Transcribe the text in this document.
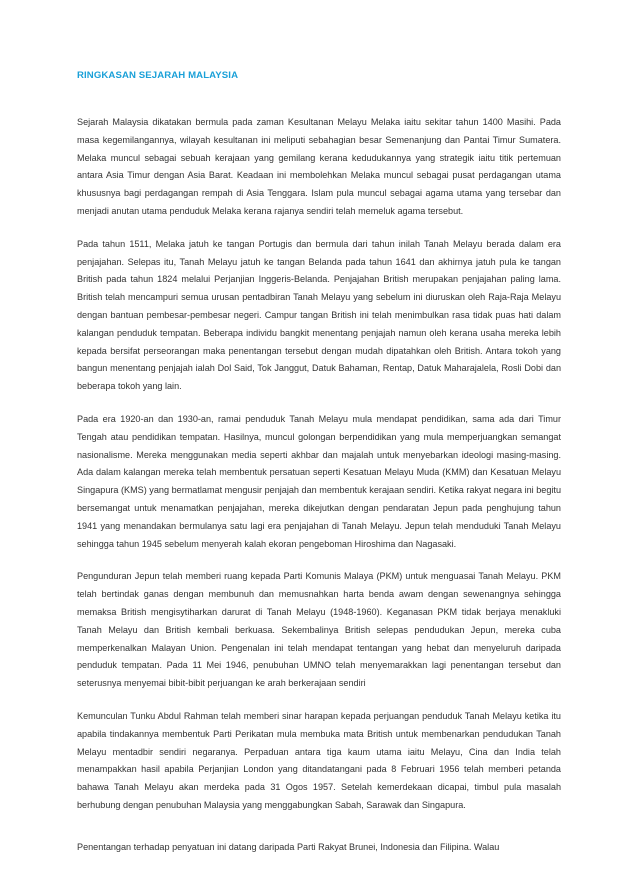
RINGKASAN SEJARAH MALAYSIA

Sejarah Malaysia dikatakan bermula pada zaman Kesultanan Melayu Melaka iaitu sekitar tahun 1400 Masihi. Pada masa kegemilangannya, wilayah kesultanan ini meliputi sebahagian besar Semenanjung dan Pantai Timur Sumatera. Melaka muncul sebagai sebuah kerajaan yang gemilang kerana kedudukannya yang strategik iaitu titik pertemuan antara Asia Timur dengan Asia Barat. Keadaan ini membolehkan Melaka muncul sebagai pusat perdagangan utama khususnya bagi perdagangan rempah di Asia Tenggara. Islam pula muncul sebagai agama utama yang tersebar dan menjadi anutan utama penduduk Melaka kerana rajanya sendiri telah memeluk agama tersebut.

Pada tahun 1511, Melaka jatuh ke tangan Portugis dan bermula dari tahun inilah Tanah Melayu berada dalam era penjajahan. Selepas itu, Tanah Melayu jatuh ke tangan Belanda pada tahun 1641 dan akhirnya jatuh pula ke tangan British pada tahun 1824 melalui Perjanjian Inggeris-Belanda. Penjajahan British merupakan penjajahan paling lama. British telah mencampuri semua urusan pentadbiran Tanah Melayu yang sebelum ini diuruskan oleh Raja-Raja Melayu dengan bantuan pembesar-pembesar negeri. Campur tangan British ini telah menimbulkan rasa tidak puas hati dalam kalangan penduduk tempatan. Beberapa individu bangkit menentang penjajah namun oleh kerana usaha mereka lebih kepada bersifat perseorangan maka penentangan tersebut dengan mudah dipatahkan oleh British. Antara tokoh yang bangun menentang penjajah ialah Dol Said, Tok Janggut, Datuk Bahaman, Rentap, Datuk Maharajalela, Rosli Dobi dan beberapa tokoh yang lain.

Pada era 1920-an dan 1930-an, ramai penduduk Tanah Melayu mula mendapat pendidikan, sama ada dari Timur Tengah atau pendidikan tempatan. Hasilnya, muncul golongan berpendidikan yang mula memperjuangkan semangat nasionalisme. Mereka menggunakan media seperti akhbar dan majalah untuk menyebarkan ideologi masing-masing. Ada dalam kalangan mereka telah membentuk persatuan seperti Kesatuan Melayu Muda (KMM) dan Kesatuan Melayu Singapura (KMS) yang bermatlamat mengusir penjajah dan membentuk kerajaan sendiri. Ketika rakyat negara ini begitu bersemangat untuk menamatkan penjajahan, mereka dikejutkan dengan pendaratan Jepun pada penghujung tahun 1941 yang menandakan bermulanya satu lagi era penjajahan di Tanah Melayu. Jepun telah menduduki Tanah Melayu sehingga tahun 1945 sebelum menyerah kalah ekoran pengeboman Hiroshima dan Nagasaki.

Pengunduran Jepun telah memberi ruang kepada Parti Komunis Malaya (PKM) untuk menguasai Tanah Melayu. PKM telah bertindak ganas dengan membunuh dan memusnahkan harta benda awam dengan sewenangnya sehingga memaksa British mengisytiharkan darurat di Tanah Melayu (1948-1960). Keganasan PKM tidak berjaya menakluki Tanah Melayu dan British kembali berkuasa. Sekembalinya British selepas pendudukan Jepun, mereka cuba memperkenalkan Malayan Union. Pengenalan ini telah mendapat tentangan yang hebat dan menyeluruh daripada penduduk tempatan. Pada 11 Mei 1946, penubuhan UMNO telah menyemarakkan lagi penentangan tersebut dan seterusnya menyemai bibit-bibit perjuangan ke arah berkerajaan sendiri

Kemunculan Tunku Abdul Rahman telah memberi sinar harapan kepada perjuangan penduduk Tanah Melayu ketika itu apabila tindakannya membentuk Parti Perikatan mula membuka mata British untuk membenarkan pendudukan Tanah Melayu mentadbir sendiri negaranya. Perpaduan antara tiga kaum utama iaitu Melayu, Cina dan India telah menampakkan hasil apabila Perjanjian London yang ditandatangani pada 8 Februari 1956 telah memberi petanda bahawa Tanah Melayu akan merdeka pada 31 Ogos 1957. Setelah kemerdekaan dicapai, timbul pula masalah berhubung dengan penubuhan Malaysia yang menggabungkan Sabah, Sarawak dan Singapura.

Penentangan terhadap penyatuan ini datang daripada Parti Rakyat Brunei, Indonesia dan Filipina. Walau
